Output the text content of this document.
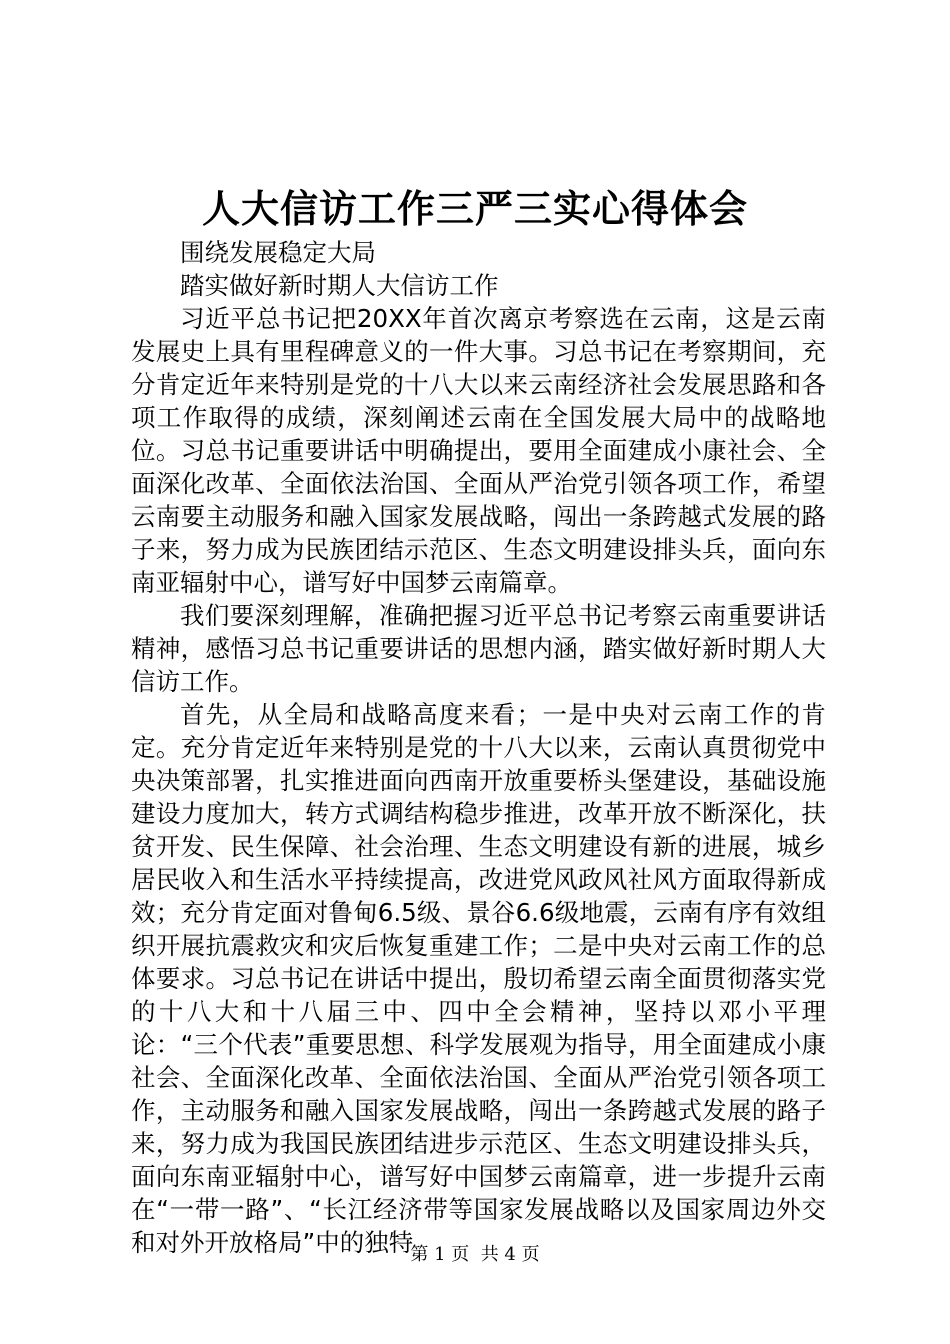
人大信访工作三严三实心得体会

围绕发展稳定大局

踏实做好新时期人大信访工作

习近平总书记把20XX年首次离京考察选在云南，这是云南发展史上具有里程碑意义的一件大事。习总书记在考察期间，充分肯定近年来特别是党的十八大以来云南经济社会发展思路和各项工作取得的成绩，深刻阐述云南在全国发展大局中的战略地位。习总书记重要讲话中明确提出，要用全面建成小康社会、全面深化改革、全面依法治国、全面从严治党引领各项工作，希望云南要主动服务和融入国家发展战略，闯出一条跨越式发展的路子来，努力成为民族团结示范区、生态文明建设排头兵，面向东南亚辐射中心，谱写好中国梦云南篇章。

我们要深刻理解，准确把握习近平总书记考察云南重要讲话精神，感悟习总书记重要讲话的思想内涵，踏实做好新时期人大信访工作。

首先，从全局和战略高度来看；一是中央对云南工作的肯定。充分肯定近年来特别是党的十八大以来，云南认真贯彻党中央决策部署，扎实推进面向西南开放重要桥头堡建设，基础设施建设力度加大，转方式调结构稳步推进，改革开放不断深化，扶贫开发、民生保障、社会治理、生态文明建设有新的进展，城乡居民收入和生活水平持续提高，改进党风政风社风方面取得新成效；充分肯定面对鲁甸6.5级、景谷6.6级地震，云南有序有效组织开展抗震救灾和灾后恢复重建工作；二是中央对云南工作的总体要求。习总书记在讲话中提出，殷切希望云南全面贯彻落实党的十八大和十八届三中、四中全会精神，坚持以邓小平理论：“三个代表”重要思想、科学发展观为指导，用全面建成小康社会、全面深化改革、全面依法治国、全面从严治党引领各项工作，主动服务和融入国家发展战略，闯出一条跨越式发展的路子来，努力成为我国民族团结进步示范区、生态文明建设排头兵，面向东南亚辐射中心，谱写好中国梦云南篇章，进一步提升云南在“一带一路”、“长江经济带等国家发展战略以及国家周边外交和对外开放格局”中的独特

第 1 页  共 4 页
